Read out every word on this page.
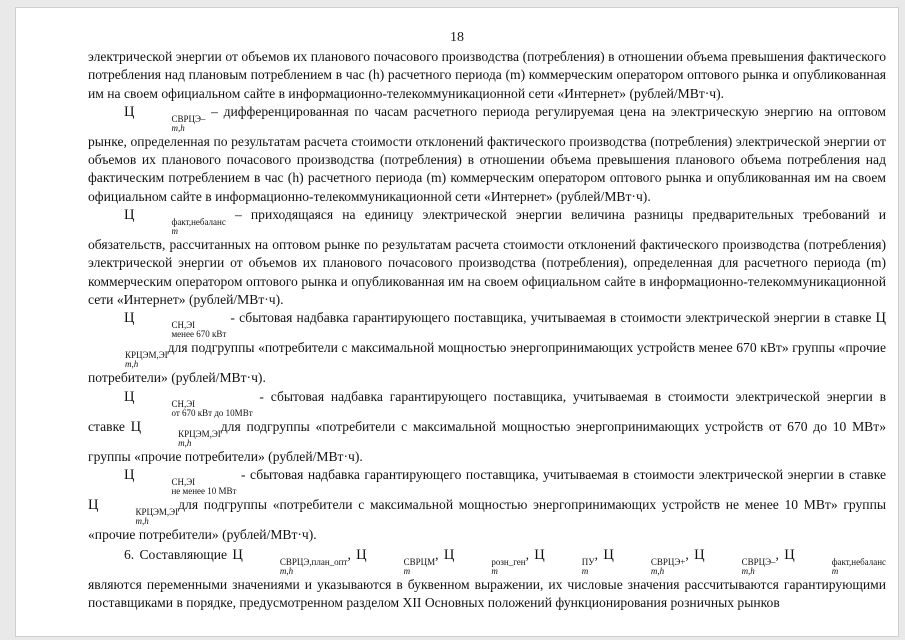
18

электрической энергии от объемов их планового почасового производства (потребления) в отношении объема превышения фактического потребления над плановым потреблением в час (h) расчетного периода (m) коммерческим оператором оптового рынка и опубликованная им на своем официальном сайте в информационно-телекоммуникационной сети «Интернет» (рублей/МВт·ч).

Ц	СВРЦЭ–
m,h
– дифференцированная по часам расчетного периода регулируемая цена на электрическую энергию на оптовом рынке, определенная по результатам расчета стоимости отклонений фактического производства (потребления) электрической энергии от объемов их планового почасового производства (потребления) в отношении объема превышения планового объема потребления над фактическим потреблением в час (h) расчетного периода (m) коммерческим оператором оптового рынка и опубликованная им на своем официальном сайте в информационно-телекоммуникационной сети «Интернет» (рублей/МВт·ч).

Ц	факт,небаланс
m
– приходящаяся на единицу электрической энергии величина разницы предварительных требований и обязательств, рассчитанных на оптовом рынке по результатам расчета стоимости отклонений фактического производства (потребления) электрической энергии от объемов их планового почасового производства (потребления), определенная для расчетного периода (m) коммерческим оператором оптового рынка и опубликованная им на своем официальном сайте в информационно-телекоммуникационной сети «Интернет» (рублей/МВт·ч).

Ц	СН,ЭI
менее 670 кВт
- сбытовая надбавка гарантирующего поставщика, учитываемая в стоимости электрической энергии в ставке Ц
КРЦЭМ,ЭI
m,h
для подгруппы «потребители с максимальной мощностью энергопринимающих устройств менее 670 кВт» группы «прочие потребители» (рублей/МВт·ч).

Ц	СН,ЭI
от 670 кВт до 10МВт
- сбытовая надбавка гарантирующего поставщика, учитываемая в стоимости электрической энергии в ставке Ц	КРЦЭМ,ЭI
m,h
для подгруппы «потребители с максимальной мощностью энергопринимающих устройств от 670 до 10 МВт» группы «прочие потребители» (рублей/МВт·ч).

Ц	СН,ЭI
не менее 10 МВт
- сбытовая надбавка гарантирующего поставщика, учитываемая в стоимости электрической энергии в ставке Ц	КРЦЭМ,ЭI
m,h
для подгруппы «потребители с максимальной мощностью энергопринимающих устройств не менее 10 МВт» группы «прочие потребители» (рублей/МВт·ч).

6. Составляющие Ц	СВРЦЭ,план_опт
m,h
, Ц	СВРЦМ
m
, Ц	розн_ген
m
, Ц	ПУ
m
, Ц	СВРЦЭ+
m,h
, Ц	СВРЦЭ–
m,h
, Ц	факт,небаланс
m
являются переменными значениями и указываются в буквенном выражении, их числовые значения рассчитываются гарантирующими поставщиками в порядке, предусмотренном разделом XII Основных положений функционирования розничных рынков
